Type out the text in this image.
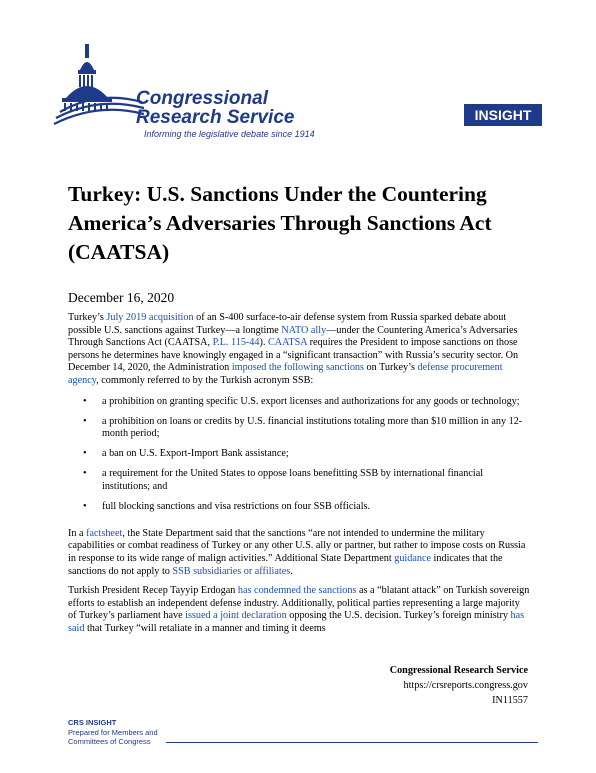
Congressional
Research Service
Informing the legislative debate since 1914
INSIGHT
Turkey: U.S. Sanctions Under the Countering America’s Adversaries Through Sanctions Act (CAATSA)
December 16, 2020

Turkey’s July 2019 acquisition of an S-400 surface-to-air defense system from Russia sparked debate about possible U.S. sanctions against Turkey—a longtime NATO ally—under the Countering America’s Adversaries Through Sanctions Act (CAATSA, P.L. 115-44). CAATSA requires the President to impose sanctions on those persons he determines have knowingly engaged in a “significant transaction” with Russia’s security sector. On December 14, 2020, the Administration imposed the following sanctions on Turkey’s defense procurement agency, commonly referred to by the Turkish acronym SSB:

• a prohibition on granting specific U.S. export licenses and authorizations for any goods or technology;
• a prohibition on loans or credits by U.S. financial institutions totaling more than $10 million in any 12-month period;
• a ban on U.S. Export-Import Bank assistance;
• a requirement for the United States to oppose loans benefitting SSB by international financial institutions; and
• full blocking sanctions and visa restrictions on four SSB officials.

In a factsheet, the State Department said that the sanctions “are not intended to undermine the military capabilities or combat readiness of Turkey or any other U.S. ally or partner, but rather to impose costs on Russia in response to its wide range of malign activities.” Additional State Department guidance indicates that the sanctions do not apply to SSB subsidiaries or affiliates.

Turkish President Recep Tayyip Erdogan has condemned the sanctions as a “blatant attack” on Turkish sovereign efforts to establish an independent defense industry. Additionally, political parties representing a large majority of Turkey’s parliament have issued a joint declaration opposing the U.S. decision. Turkey’s foreign ministry has said that Turkey “will retaliate in a manner and timing it deems

Congressional Research Service
https://crsreports.congress.gov
IN11557
CRS INSIGHT
Prepared for Members and
Committees of Congress
